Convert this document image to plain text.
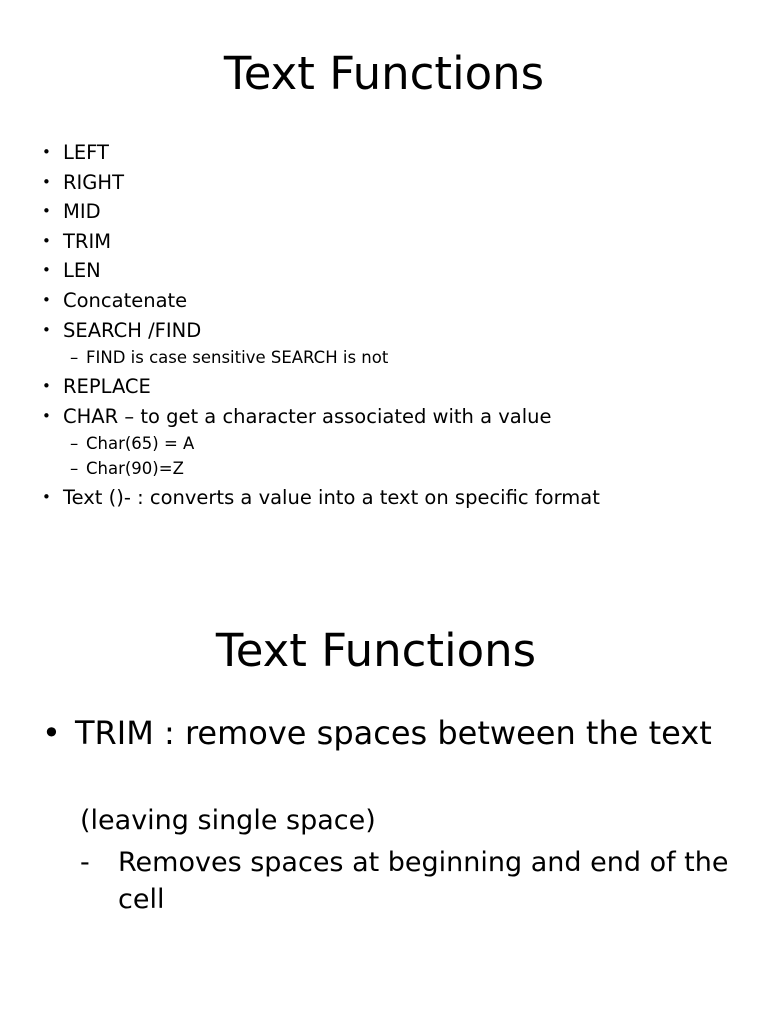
Text Functions
• LEFT
• RIGHT
• MID
• TRIM
• LEN
• Concatenate
• SEARCH /FIND
– FIND is case sensitive SEARCH is not
• REPLACE
• CHAR – to get a character associated with a value
– Char(65) = A
– Char(90)=Z
• Text ()- : converts a value into a text on specific format
Text Functions
• TRIM : remove spaces between the text
(leaving single space)
- Removes spaces at beginning and end of the cell
